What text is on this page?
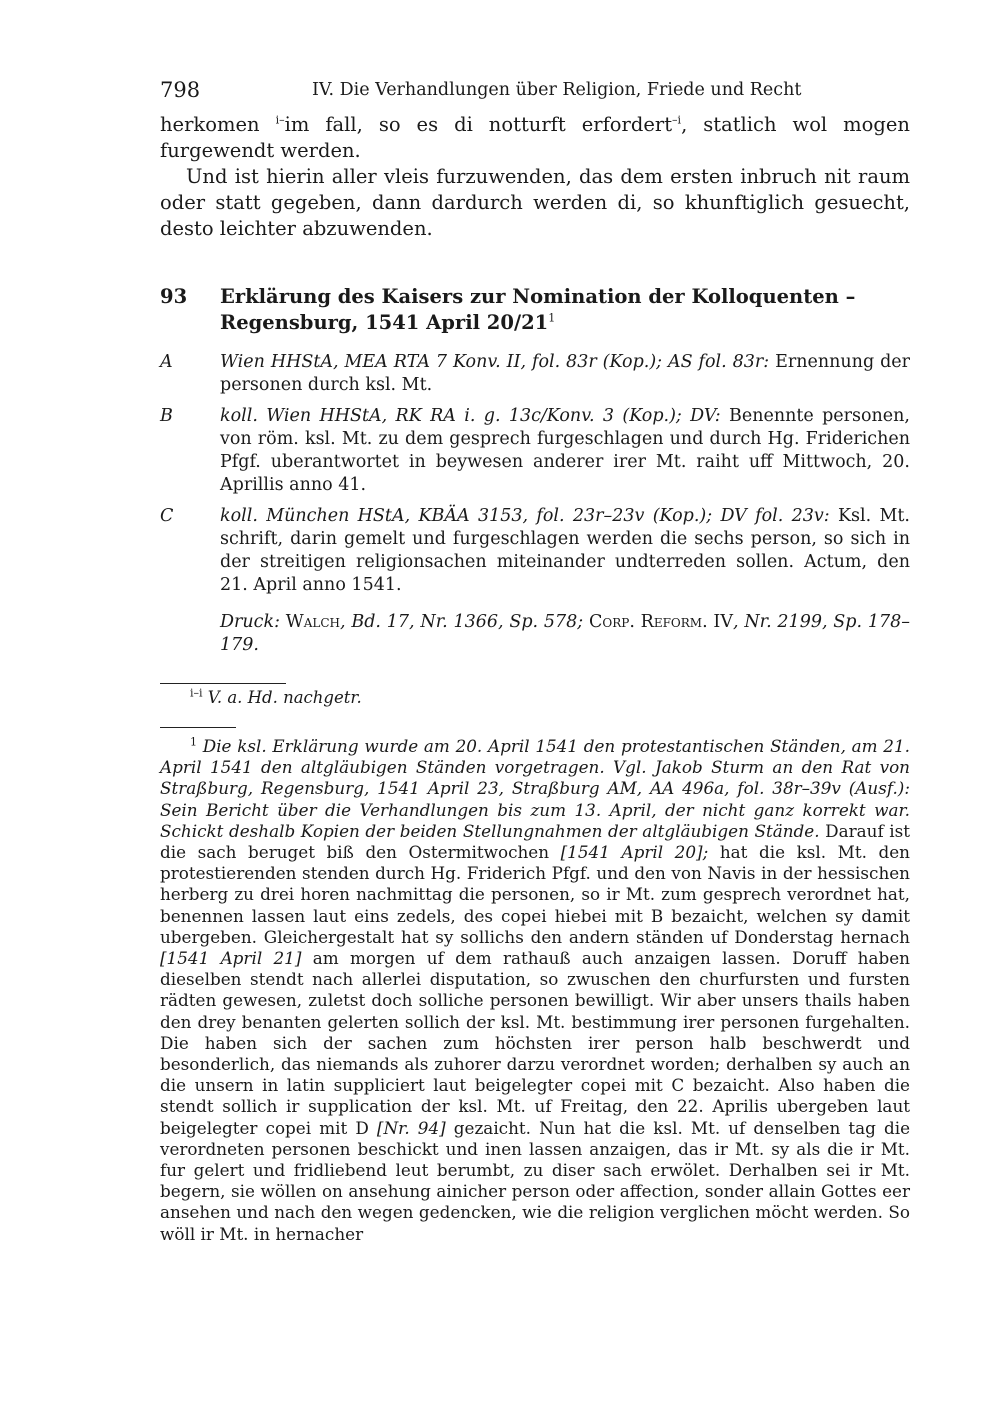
798	IV. Die Verhandlungen über Religion, Friede und Recht

herkomen $^{i-}$im fall, so es di notturft erfordert$^{-i}$, statlich wol mogen furgewendt werden.

Und ist hierin aller vleis furzuwenden, das dem ersten inbruch nit raum oder statt gegeben, dann dardurch werden di, so khunftiglich gesuecht, desto leichter abzuwenden.

93	Erklärung des Kaisers zur Nomination der Kolloquenten – Regensburg, 1541 April $20/21^1$
A	Wien HHStA, MEA RTA 7 Konv. II, fol. 83r (Kop.); AS fol. 83r: Ernennung der personen durch ksl. Mt.
B	koll. Wien HHStA, RK RA i. g. 13c/Konv. 3 (Kop.); DV: Benennte personen, von röm. ksl. Mt. zu dem gesprech furgeschlagen und durch Hg. Friderichen Pfgf. uberantwortet in beywesen anderer irer Mt. raiht uff Mittwoch, 20. Aprillis anno 41.
C	koll. München HStA, KBÄA 3153, fol. 23r–23v (Kop.); DV fol. 23v: Ksl. Mt. schrift, darin gemelt und furgeschlagen werden die sechs person, so sich in der streitigen religionsachen miteinander undterreden sollen. Actum, den 21. April anno 1541.
Druck: Walch, Bd. 17, Nr. 1366, Sp. 578; Corp. Reform. IV, Nr. 2199, Sp. 178–179.
$^{i-i}$ V. a. Hd. nachgetr.
$^1$ Die ksl. Erklärung wurde am 20. April 1541 den protestantischen Ständen, am 21. April 1541 den altgläubigen Ständen vorgetragen. Vgl. Jakob Sturm an den Rat von Straßburg, Regensburg, 1541 April 23, Straßburg AM, AA 496a, fol. 38r–39v (Ausf.): Sein Bericht über die Verhandlungen bis zum 13. April, der nicht ganz korrekt war. Schickt deshalb Kopien der beiden Stellungnahmen der altgläubigen Stände. Darauf ist die sach beruget biß den Ostermitwochen [1541 April 20]; hat die ksl. Mt. den protestierenden stenden durch Hg. Friderich Pfgf. und den von Navis in der hessischen herberg zu drei horen nachmittag die personen, so ir Mt. zum gesprech verordnet hat, benennen lassen laut eins zedels, des copei hiebei mit B bezaicht, welchen sy damit ubergeben. Gleichergestalt hat sy sollichs den andern ständen uf Donderstag hernach [1541 April 21] am morgen uf dem rathauß auch anzaigen lassen. Doruff haben dieselben stendt nach allerlei disputation, so zwuschen den churfursten und fursten rädten gewesen, zuletst doch solliche personen bewilligt. Wir aber unsers thails haben den drey benanten gelerten sollich der ksl. Mt. bestimmung irer personen furgehalten. Die haben sich der sachen zum höchsten irer person halb beschwerdt und besonderlich, das niemands als zuhorer darzu verordnet worden; derhalben sy auch an die unsern in latin suppliciert laut beigelegter copei mit C bezaicht. Also haben die stendt sollich ir supplication der ksl. Mt. uf Freitag, den 22. Aprilis ubergeben laut beigelegter copei mit D [Nr. 94] gezaicht. Nun hat die ksl. Mt. uf denselben tag die verordneten personen beschickt und inen lassen anzaigen, das ir Mt. sy als die ir Mt. fur gelert und fridliebend leut berumbt, zu diser sach erwölet. Derhalben sei ir Mt. begern, sie wöllen on ansehung ainicher person oder affection, sonder allain Gottes eer ansehen und nach den wegen gedencken, wie die religion verglichen möcht werden. So wöll ir Mt. in hernacher
